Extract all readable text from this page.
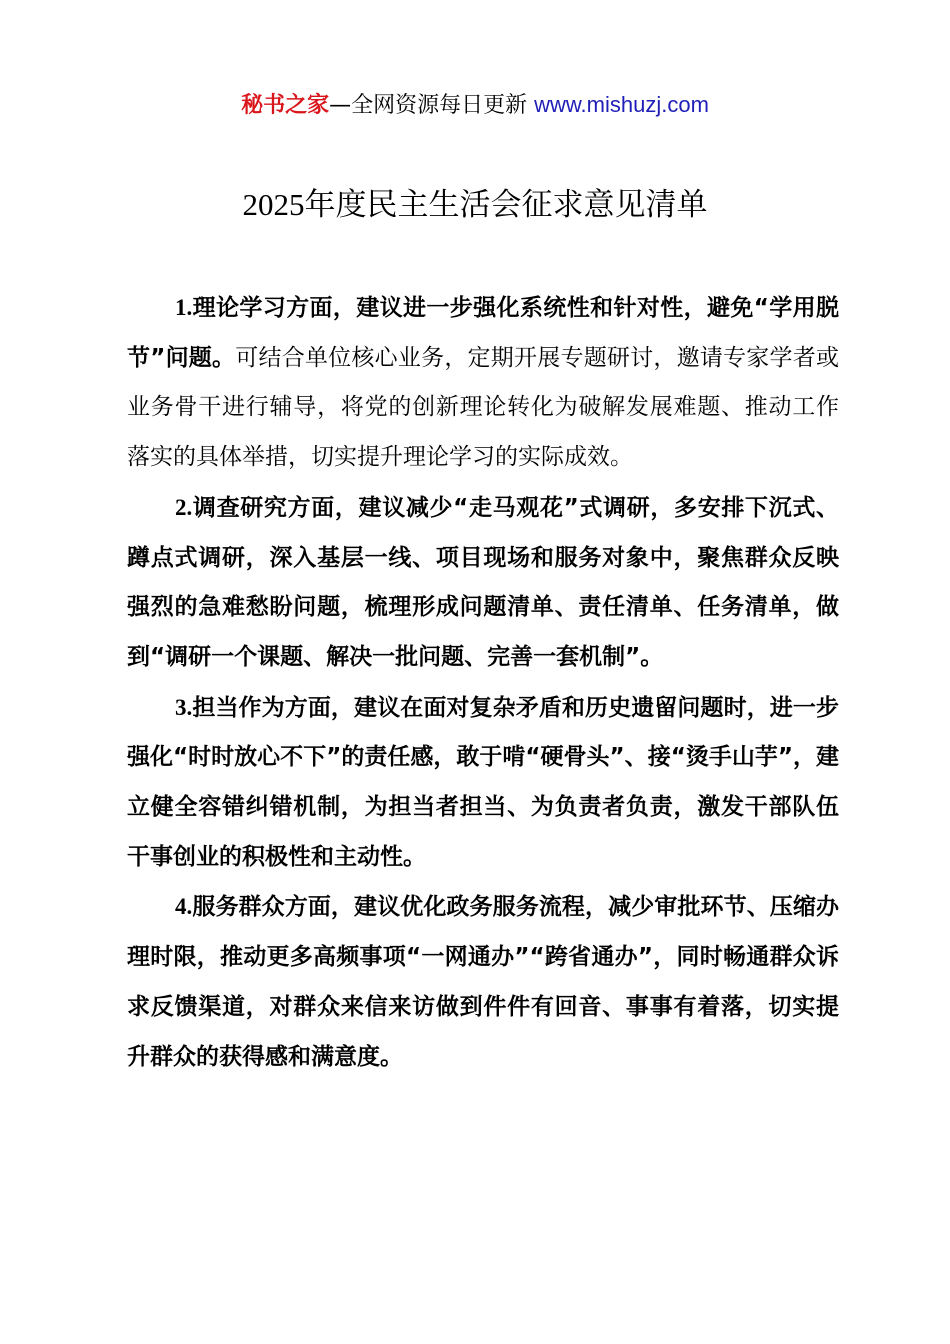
秘书之家—全网资源每日更新 www.mishuzj.com
2025年度民主生活会征求意见清单

1.理论学习方面，建议进一步强化系统性和针对性，避免“学用脱节”问题。可结合单位核心业务，定期开展专题研讨，邀请专家学者或业务骨干进行辅导，将党的创新理论转化为破解发展难题、推动工作落实的具体举措，切实提升理论学习的实际成效。

2.调查研究方面，建议减少“走马观花”式调研，多安排下沉式、蹲点式调研，深入基层一线、项目现场和服务对象中，聚焦群众反映强烈的急难愁盼问题，梳理形成问题清单、责任清单、任务清单，做到“调研一个课题、解决一批问题、完善一套机制”。

3.担当作为方面，建议在面对复杂矛盾和历史遗留问题时，进一步强化“时时放心不下”的责任感，敢于啃“硬骨头”、接“烫手山芋”，建立健全容错纠错机制，为担当者担当、为负责者负责，激发干部队伍干事创业的积极性和主动性。

4.服务群众方面，建议优化政务服务流程，减少审批环节、压缩办理时限，推动更多高频事项“一网通办”“跨省通办”，同时畅通群众诉求反馈渠道，对群众来信来访做到件件有回音、事事有着落，切实提升群众的获得感和满意度。
